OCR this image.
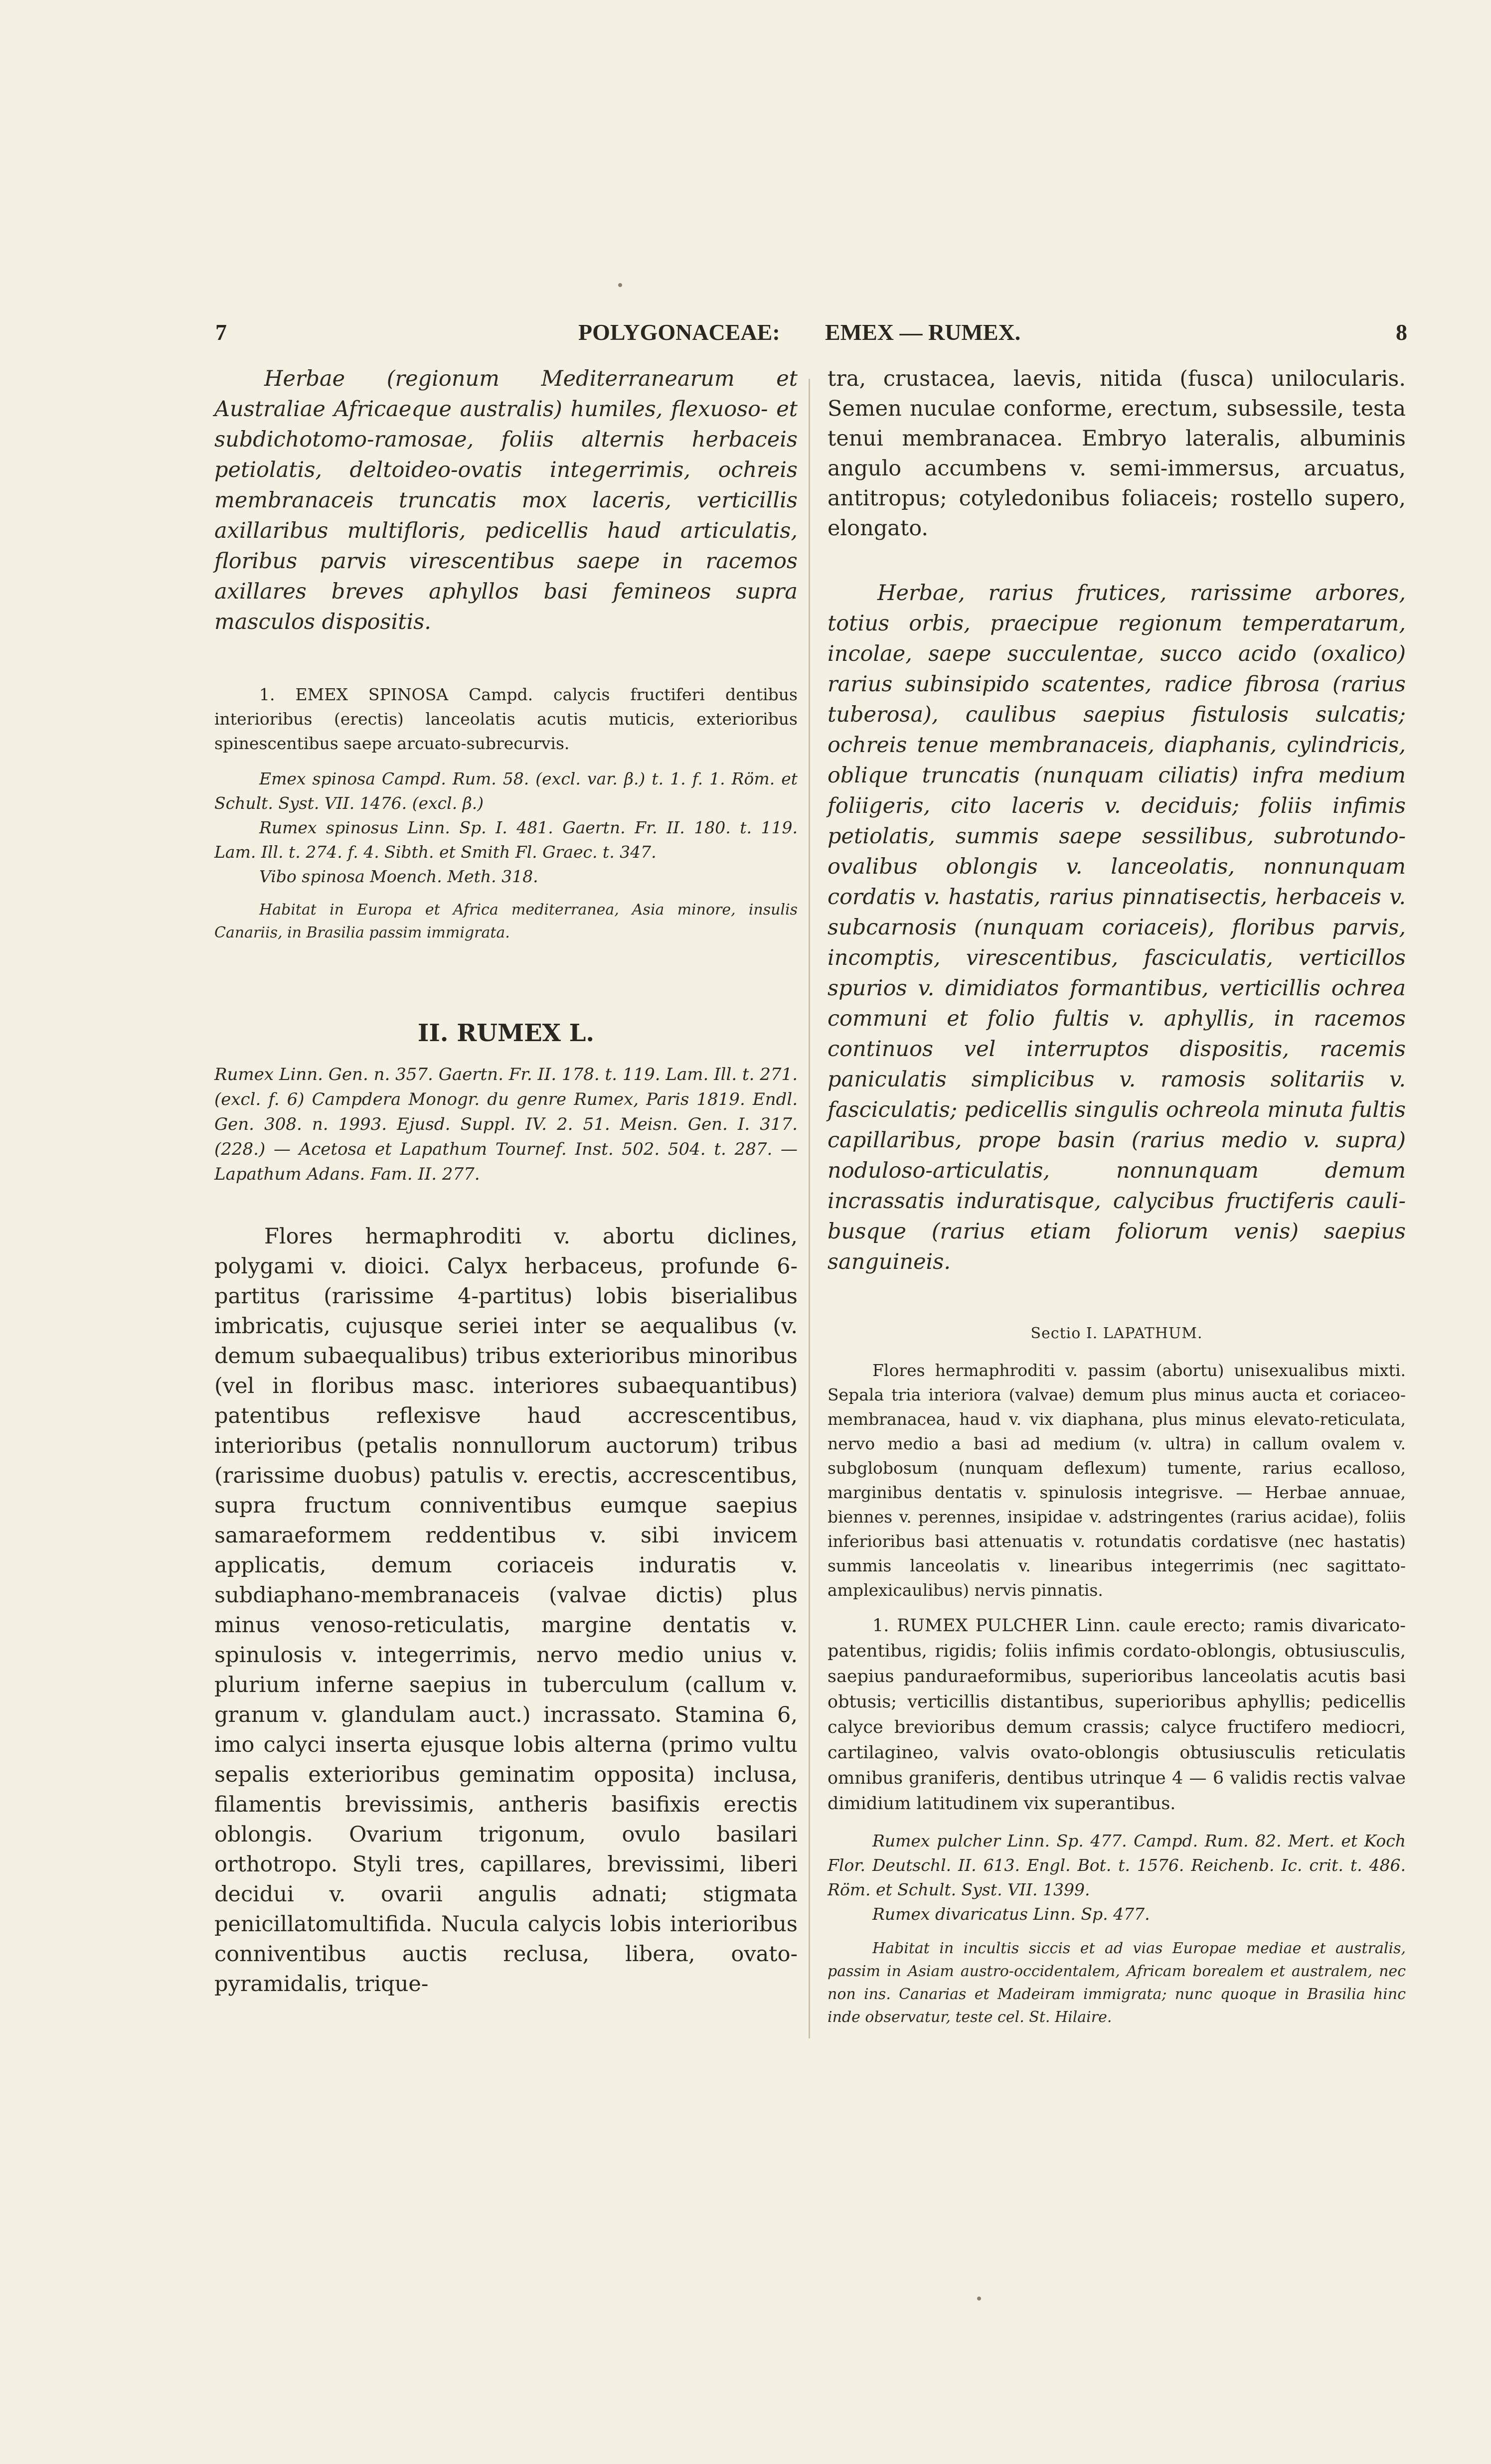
7	POLYGONACEAE: EMEX — RUMEX.	8

Herbae (regionum Mediterranearum et Australiae Africaeque australis) humiles, flexuoso- et subdichotomo-ramosae, foliis alternis herbaceis petiolatis, deltoideo-ovatis integerrimis, ochreis membranaceis truncatis mox laceris, verticillis axillaribus multifloris, pedicellis haud articulatis, floribus parvis virescentibus saepe in racemos axillares breves aphyllos basi femineos supra masculos dispositis.

1. EMEX SPINOSA Campd. calycis fructiferi dentibus interioribus (erectis) lanceolatis acutis muticis, exterioribus spinescentibus saepe arcuato-subrecurvis.

Emex spinosa Campd. Rum. 58. (excl. var. β.) t. 1. f. 1. Röm. et Schult. Syst. VII. 1476. (excl. β.)

Rumex spinosus Linn. Sp. I. 481. Gaertn. Fr. II. 180. t. 119. Lam. Ill. t. 274. f. 4. Sibth. et Smith Fl. Graec. t. 347.

Vibo spinosa Moench. Meth. 318.

Habitat in Europa et Africa mediterranea, Asia minore, insulis Canariis, in Brasilia passim immigrata.

II. RUMEX L.

Rumex Linn. Gen. n. 357. Gaertn. Fr. II. 178. t. 119. Lam. Ill. t. 271. (excl. f. 6) Campdera Monogr. du genre Rumex, Paris 1819. Endl. Gen. 308. n. 1993. Ejusd. Suppl. IV. 2. 51. Meisn. Gen. I. 317. (228.) — Acetosa et Lapathum Tournef. Inst. 502. 504. t. 287. — Lapathum Adans. Fam. II. 277.

Flores hermaphroditi v. abortu diclines, polygami v. dioici. Calyx herbaceus, profunde 6-partitus (rarissime 4-partitus) lobis biserialibus imbricatis, cujusque seriei inter se aequalibus (v. demum subaequalibus) tribus exterioribus minoribus (vel in floribus masc. interiores subaequantibus) patentibus reflexisve haud accrescentibus, interioribus (petalis nonnullorum auctorum) tribus (rarissime duobus) patulis v. erectis, accrescentibus, supra fructum conniventibus eumque saepius samaraeformem reddentibus v. sibi invicem applicatis, demum coriaceis induratis v. subdiaphano-membranaceis (valvae dictis) plus minus venoso-reticulatis, margine dentatis v. spinulosis v. integerrimis, nervo medio unius v. plurium inferne saepius in tuberculum (callum v. granum v. glandulam auct.) incrassato. Stamina 6, imo calyci inserta ejusque lobis alterna (primo vultu sepalis exterioribus geminatim opposita) inclusa, filamentis brevissimis, antheris basifixis erectis oblongis. Ovarium trigonum, ovulo basilari orthotropo. Styli tres, capillares, brevissimi, liberi decidui v. ovarii angulis adnati; stigmata penicillatomultifida. Nucula calycis lobis interioribus conniventibus auctis reclusa, libera, ovato-pyramidalis, trique-

tra, crustacea, laevis, nitida (fusca) unilocularis. Semen nuculae conforme, erectum, subsessile, testa tenui membranacea. Embryo lateralis, albuminis angulo accumbens v. semi-immersus, arcuatus, antitropus; cotyledonibus foliaceis; rostello supero, elongato.

Herbae, rarius frutices, rarissime arbores, totius orbis, praecipue regionum temperatarum, incolae, saepe succulentae, succo acido (oxalico) rarius subinsipido scatentes, radice fibrosa (rarius tuberosa), caulibus saepius fistulosis sulcatis; ochreis tenue membranaceis, diaphanis, cylindricis, oblique truncatis (nunquam ciliatis) infra medium foliigeris, cito laceris v. deciduis; foliis infimis petiolatis, summis saepe sessilibus, subrotundo-ovalibus oblongis v. lanceolatis, nonnunquam cordatis v. hastatis, rarius pinnatisectis, herbaceis v. subcarnosis (nunquam coriaceis), floribus parvis, incomptis, virescentibus, fasciculatis, verticillos spurios v. dimidiatos formantibus, verticillis ochrea communi et folio fultis v. aphyllis, in racemos continuos vel interruptos dispositis, racemis paniculatis simplicibus v. ramosis solitariis v. fasciculatis; pedicellis singulis ochreola minuta fultis capillaribus, prope basin (rarius medio v. supra) noduloso-articulatis, nonnunquam demum incrassatis induratisque, calycibus fructiferis cauli-busque (rarius etiam foliorum venis) saepius sanguineis.

Sectio I. LAPATHUM.

Flores hermaphroditi v. passim (abortu) unisexualibus mixti. Sepala tria interiora (valvae) demum plus minus aucta et coriaceo-membranacea, haud v. vix diaphana, plus minus elevato-reticulata, nervo medio a basi ad medium (v. ultra) in callum ovalem v. subglobosum (nunquam deflexum) tumente, rarius ecalloso, marginibus dentatis v. spinulosis integrisve. — Herbae annuae, biennes v. perennes, insipidae v. adstringentes (rarius acidae), foliis inferioribus basi attenuatis v. rotundatis cordatisve (nec hastatis) summis lanceolatis v. linearibus integerrimis (nec sagittato-amplexicaulibus) nervis pinnatis.

1. RUMEX PULCHER Linn. caule erecto; ramis divaricato-patentibus, rigidis; foliis infimis cordato-oblongis, obtusiusculis, saepius panduraeformibus, superioribus lanceolatis acutis basi obtusis; verticillis distantibus, superioribus aphyllis; pedicellis calyce brevioribus demum crassis; calyce fructifero mediocri, cartilagineo, valvis ovato-oblongis obtusiusculis reticulatis omnibus graniferis, dentibus utrinque 4 — 6 validis rectis valvae dimidium latitudinem vix superantibus.

Rumex pulcher Linn. Sp. 477. Campd. Rum. 82. Mert. et Koch Flor. Deutschl. II. 613. Engl. Bot. t. 1576. Reichenb. Ic. crit. t. 486. Röm. et Schult. Syst. VII. 1399.

Rumex divaricatus Linn. Sp. 477.

Habitat in incultis siccis et ad vias Europae mediae et australis, passim in Asiam austro-occidentalem, Africam borealem et australem, nec non ins. Canarias et Madeiram immigrata; nunc quoque in Brasilia hinc inde observatur, teste cel. St. Hilaire.
